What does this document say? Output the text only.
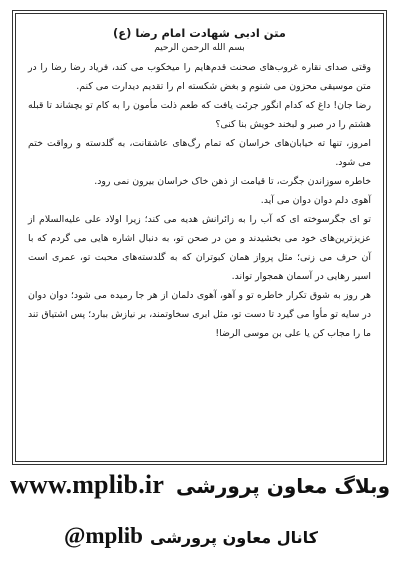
متن ادبی شهادت امام رضا (ع)
بسم الله الرحمن الرحیم

وقتی صدای نقاره غروب‌های صحنت قدم‌هایم را میخکوب می کند، فریاد رضا رضا را در متن موسیقی محزون می شنوم و بغض شکسته ام را تقدیم دیدارت می کنم.

رضا جان! داغ که کدام انگور جرئت یافت که طعم ذلت مأمون را به کام تو بچشاند تا قبله هشتم را در صبر و لبخند خویش بنا کنی؟

امروز، تنها ته خیابان‌های خراسان که تمام رگ‌های عاشقانت، به گلدسته و رواقت ختم می شود.

خاطره سوزاندن جگرت، تا قیامت از ذهن خاک خراسان بیرون نمی رود.

آهوی دلم دوان دوان می آید.

تو ای جگرسوخته ای که آب را به زائرانش هدیه می کند؛ زیرا اولاد علی علیه‌السلام از عزیزترین‌های خود می بخشیدند و من در صحن تو، به دنبال اشاره هایی می گردم که با آن حرف می زنی؛ مثل پرواز همان کبوتران که به گلدسته‌های محبت تو، عمری است اسیر رهایی در آسمان همجوار تواند.

هر روز به شوق تکرار خاطره تو و آهو، آهوی دلمان از هر جا رمیده می شود؛ دوان دوان در سایه تو مأوا می گیرد تا دست تو، مثل ابری سخاوتمند، بر نیازش ببارد؛ پس اشتیاق تند ما را مجاب کن یا علی بن موسی الرضا!

www.mplib.ir وبلاگ معاون پرورشی
@mplib کانال معاون پرورشی
